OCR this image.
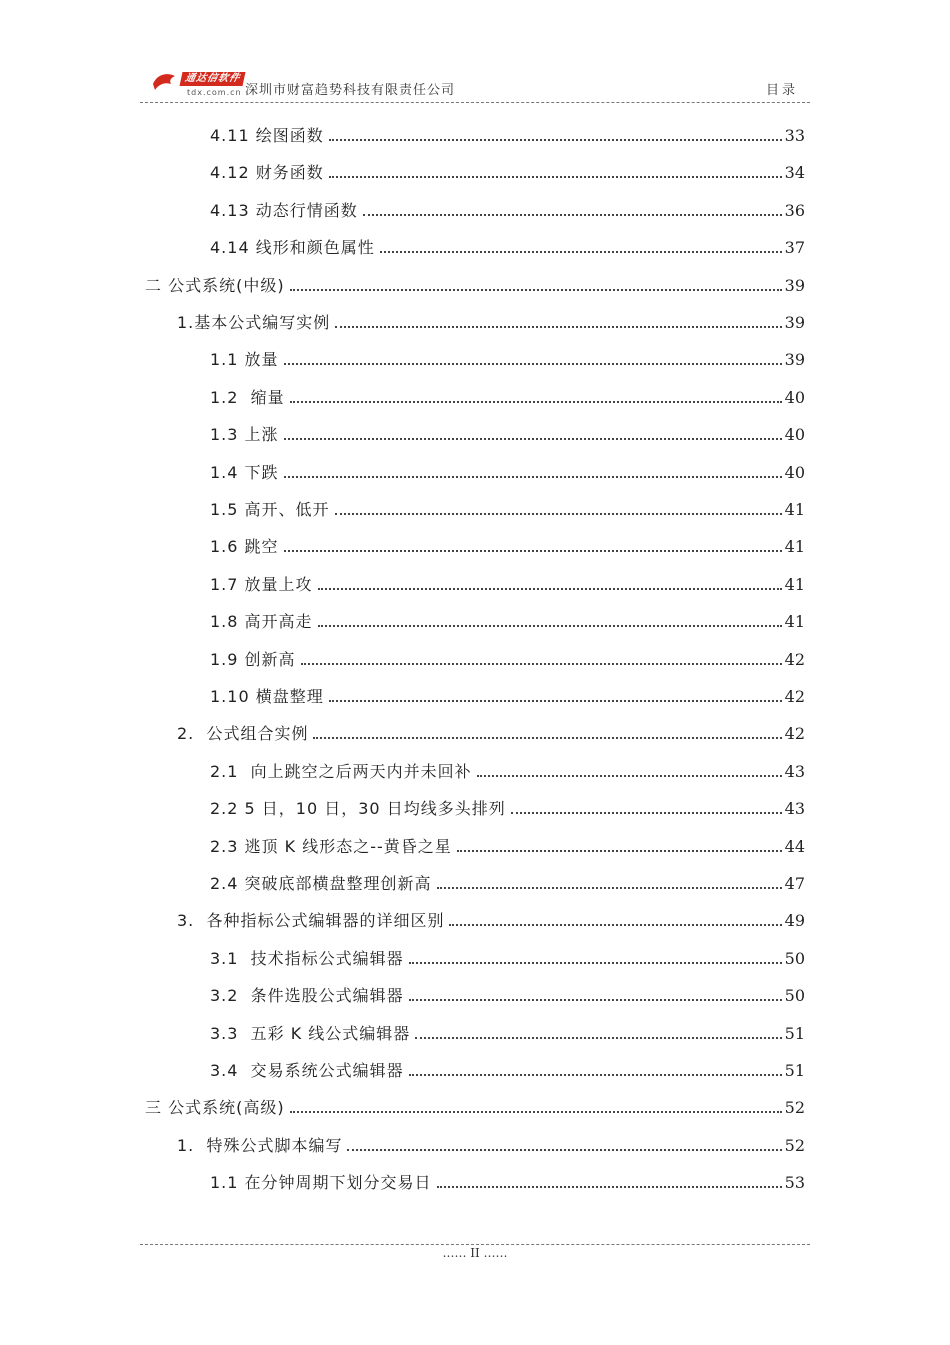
通达信软件
tdx.com.cn 深圳市财富趋势科技有限责任公司	目录
4.11 绘图函数	33
4.12 财务函数	34
4.13 动态行情函数	36
4.14 线形和颜色属性	37
二 公式系统(中级)	39
1.基本公式编写实例	39
1.1 放量	39
1.2  缩量	40
1.3 上涨	40
1.4 下跌	40
1.5 高开、低开	41
1.6 跳空	41
1.7 放量上攻	41
1.8 高开高走	41
1.9 创新高	42
1.10 横盘整理	42
2.  公式组合实例	42
2.1  向上跳空之后两天内并未回补	43
2.2 5 日，10 日，30 日均线多头排列	43
2.3 逃顶 K 线形态之--黄昏之星	44
2.4 突破底部横盘整理创新高	47
3.  各种指标公式编辑器的详细区别	49
3.1  技术指标公式编辑器	50
3.2  条件选股公式编辑器	50
3.3  五彩 K 线公式编辑器	51
3.4  交易系统公式编辑器	51
三 公式系统(高级)	52
1.  特殊公式脚本编写	52
1.1 在分钟周期下划分交易日	53
…… II ……
